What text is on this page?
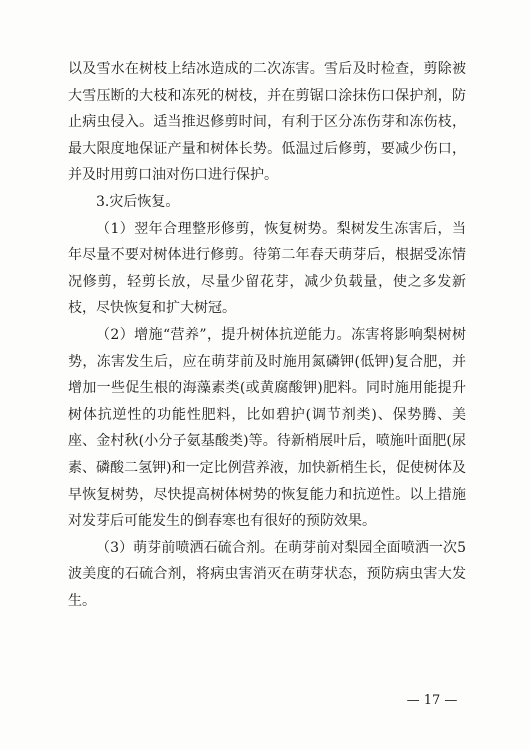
以及雪水在树枝上结冰造成的二次冻害。雪后及时检查，剪除被大雪压断的大枝和冻死的树枝，并在剪锯口涂抹伤口保护剂，防止病虫侵入。适当推迟修剪时间，有利于区分冻伤芽和冻伤枝，最大限度地保证产量和树体长势。低温过后修剪，要减少伤口，并及时用剪口油对伤口进行保护。

3.灾后恢复。

（1）翌年合理整形修剪，恢复树势。梨树发生冻害后，当年尽量不要对树体进行修剪。待第二年春天萌芽后，根据受冻情况修剪，轻剪长放，尽量少留花芽，减少负载量，使之多发新枝，尽快恢复和扩大树冠。

（2）增施“营养”，提升树体抗逆能力。冻害将影响梨树树势，冻害发生后，应在萌芽前及时施用氮磷钾(低钾)复合肥，并增加一些促生根的海藻素类(或黄腐酸钾)肥料。同时施用能提升树体抗逆性的功能性肥料，比如碧护(调节剂类)、保势腾、美座、金村秋(小分子氨基酸类)等。待新梢展叶后，喷施叶面肥(尿素、磷酸二氢钾)和一定比例营养液，加快新梢生长，促使树体及早恢复树势，尽快提高树体树势的恢复能力和抗逆性。以上措施对发芽后可能发生的倒春寒也有很好的预防效果。

（3）萌芽前喷洒石硫合剂。在萌芽前对梨园全面喷洒一次5波美度的石硫合剂，将病虫害消灭在萌芽状态，预防病虫害大发生。

— 17 —
